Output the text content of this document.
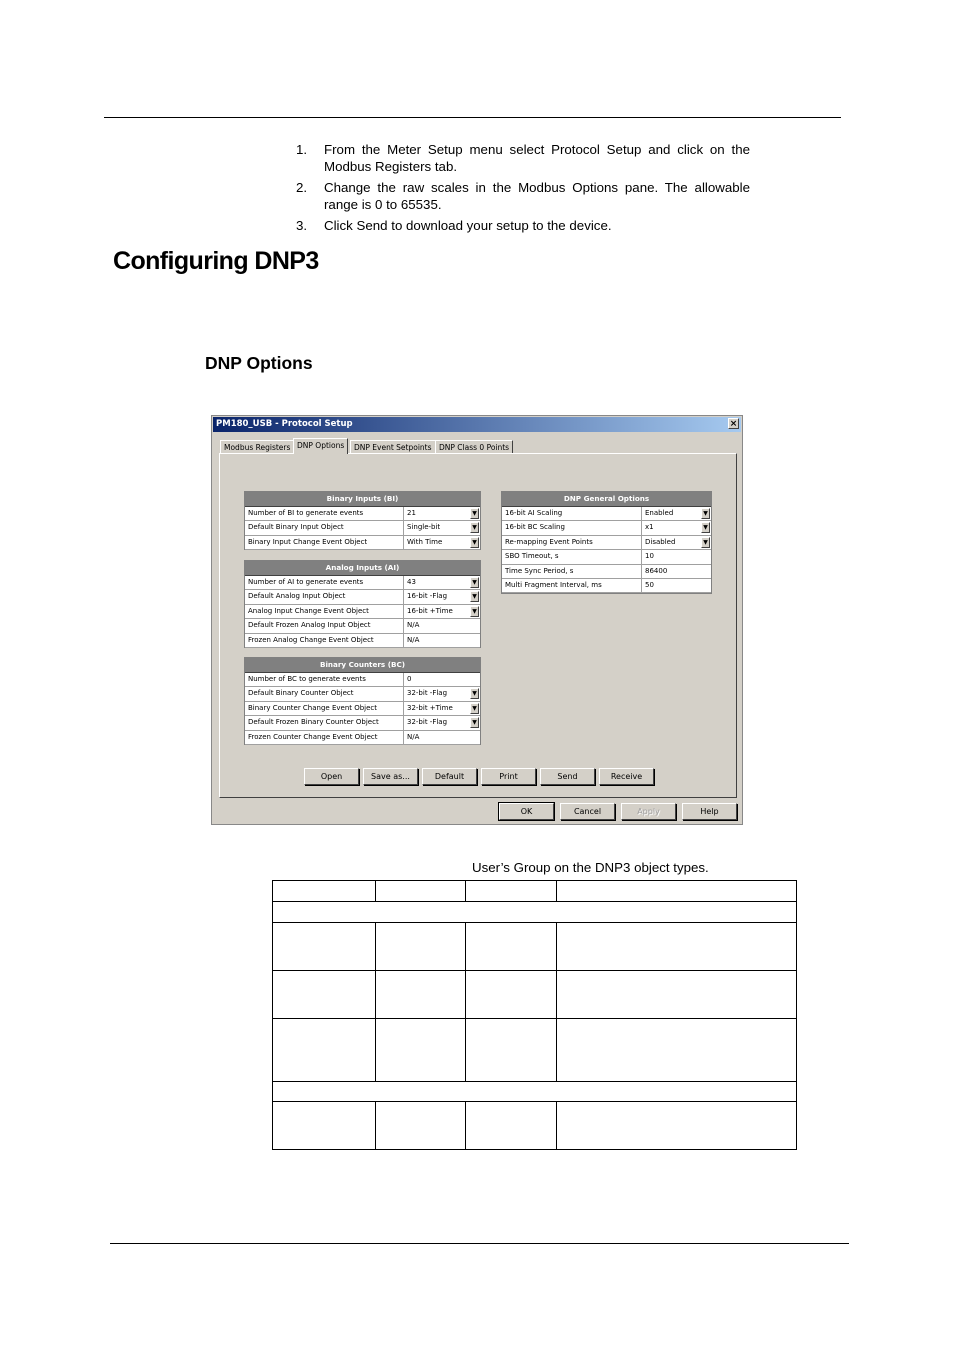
1. From the Meter Setup menu select Protocol Setup and click on the Modbus Registers tab.
2. Change the raw scales in the Modbus Options pane. The allowable range is 0 to 65535.
3. Click Send to download your setup to the device.
Configuring DNP3
DNP Options
PM180_USB - Protocol Setup	×
Modbus Registers DNP Options	DNP Event Setpoints DNP Class 0 Points
Binary Inputs (BI)
Number of BI to generate events	21	▼
Default Binary Input Object	Single-bit	▼
Binary Input Change Event Object	With Time	▼
Analog Inputs (AI)
Number of AI to generate events	43	▼
Default Analog Input Object	16-bit -Flag	▼
Analog Input Change Event Object	16-bit +Time	▼
Default Frozen Analog Input Object	N/A
Frozen Analog Change Event Object	N/A
Binary Counters (BC)
Number of BC to generate events	0
Default Binary Counter Object	32-bit -Flag	▼
Binary Counter Change Event Object	32-bit +Time	▼
Default Frozen Binary Counter Object	32-bit -Flag	▼
Frozen Counter Change Event Object	N/A
DNP General Options
16-bit AI Scaling	Enabled	▼
16-bit BC Scaling	x1	▼
Re-mapping Event Points	Disabled	▼
SBO Timeout, s	10
Time Sync Period, s	86400
Multi Fragment Interval, ms	50
Open	Save as...	Default	Print	Send	Receive
OK	Cancel	Apply	Help
User’s Group on the DNP3 object types.
